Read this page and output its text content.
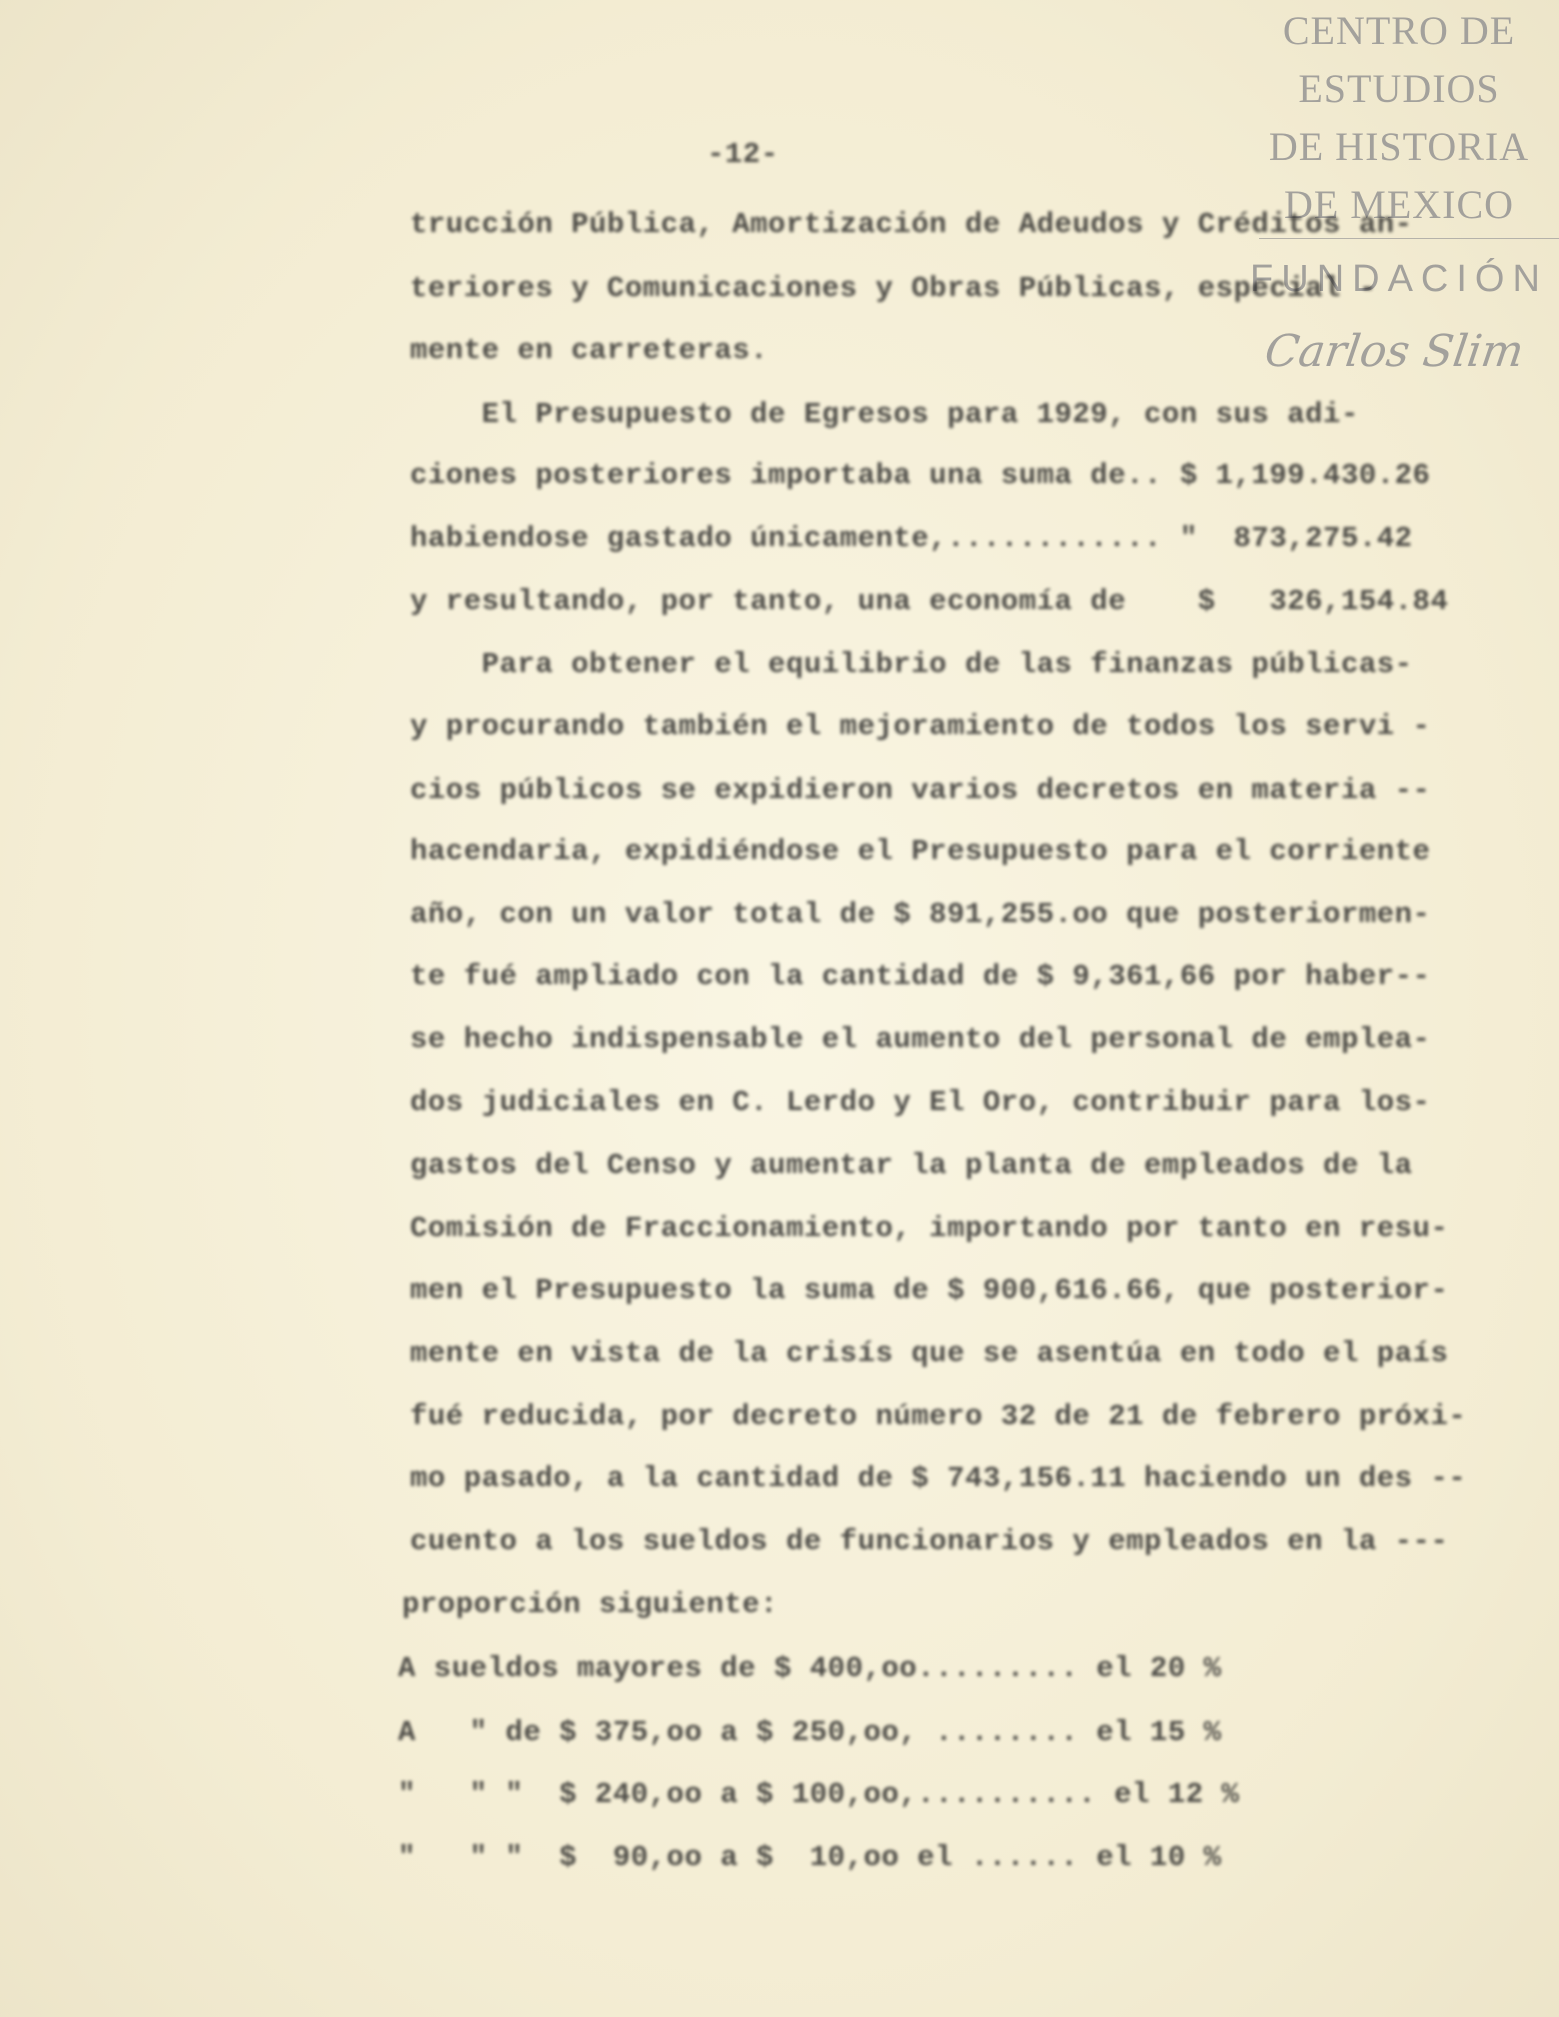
CENTRO DE
ESTUDIOS
DE HISTORIA
DE MEXICO
FUNDACIÓN
Carlos Slim
-12-
trucción Pública, Amortización de Adeudos y Créditos an-
teriores y Comunicaciones y Obras Públicas, especial -
mente en carreteras.
El Presupuesto de Egresos para 1929, con sus adi-
ciones posteriores importaba una suma de.. $ 1,199.430.26
habiendose gastado únicamente,............ "  873,275.42
y resultando, por tanto, una economía de    $   326,154.84
Para obtener el equilibrio de las finanzas públicas-
y procurando también el mejoramiento de todos los servi -
cios públicos se expidieron varios decretos en materia --
hacendaria, expidiéndose el Presupuesto para el corriente
año, con un valor total de $ 891,255.oo que posteriormen-
te fué ampliado con la cantidad de $ 9,361,66 por haber--
se hecho indispensable el aumento del personal de emplea-
dos judiciales en C. Lerdo y El Oro, contribuir para los-
gastos del Censo y aumentar la planta de empleados de la
Comisión de Fraccionamiento, importando por tanto en resu-
men el Presupuesto la suma de $ 900,616.66, que posterior-
mente en vista de la crisís que se asentúa en todo el país
fué reducida, por decreto número 32 de 21 de febrero próxi-
mo pasado, a la cantidad de $ 743,156.11 haciendo un des --
cuento a los sueldos de funcionarios y empleados en la ---
proporción siguiente:
A sueldos mayores de $ 400,oo......... el 20 %
A   " de $ 375,oo a $ 250,oo, ........ el 15 %
"   " "  $ 240,oo a $ 100,oo,.......... el 12 %
"   " "  $  90,oo a $  10,oo el ...... el 10 %
